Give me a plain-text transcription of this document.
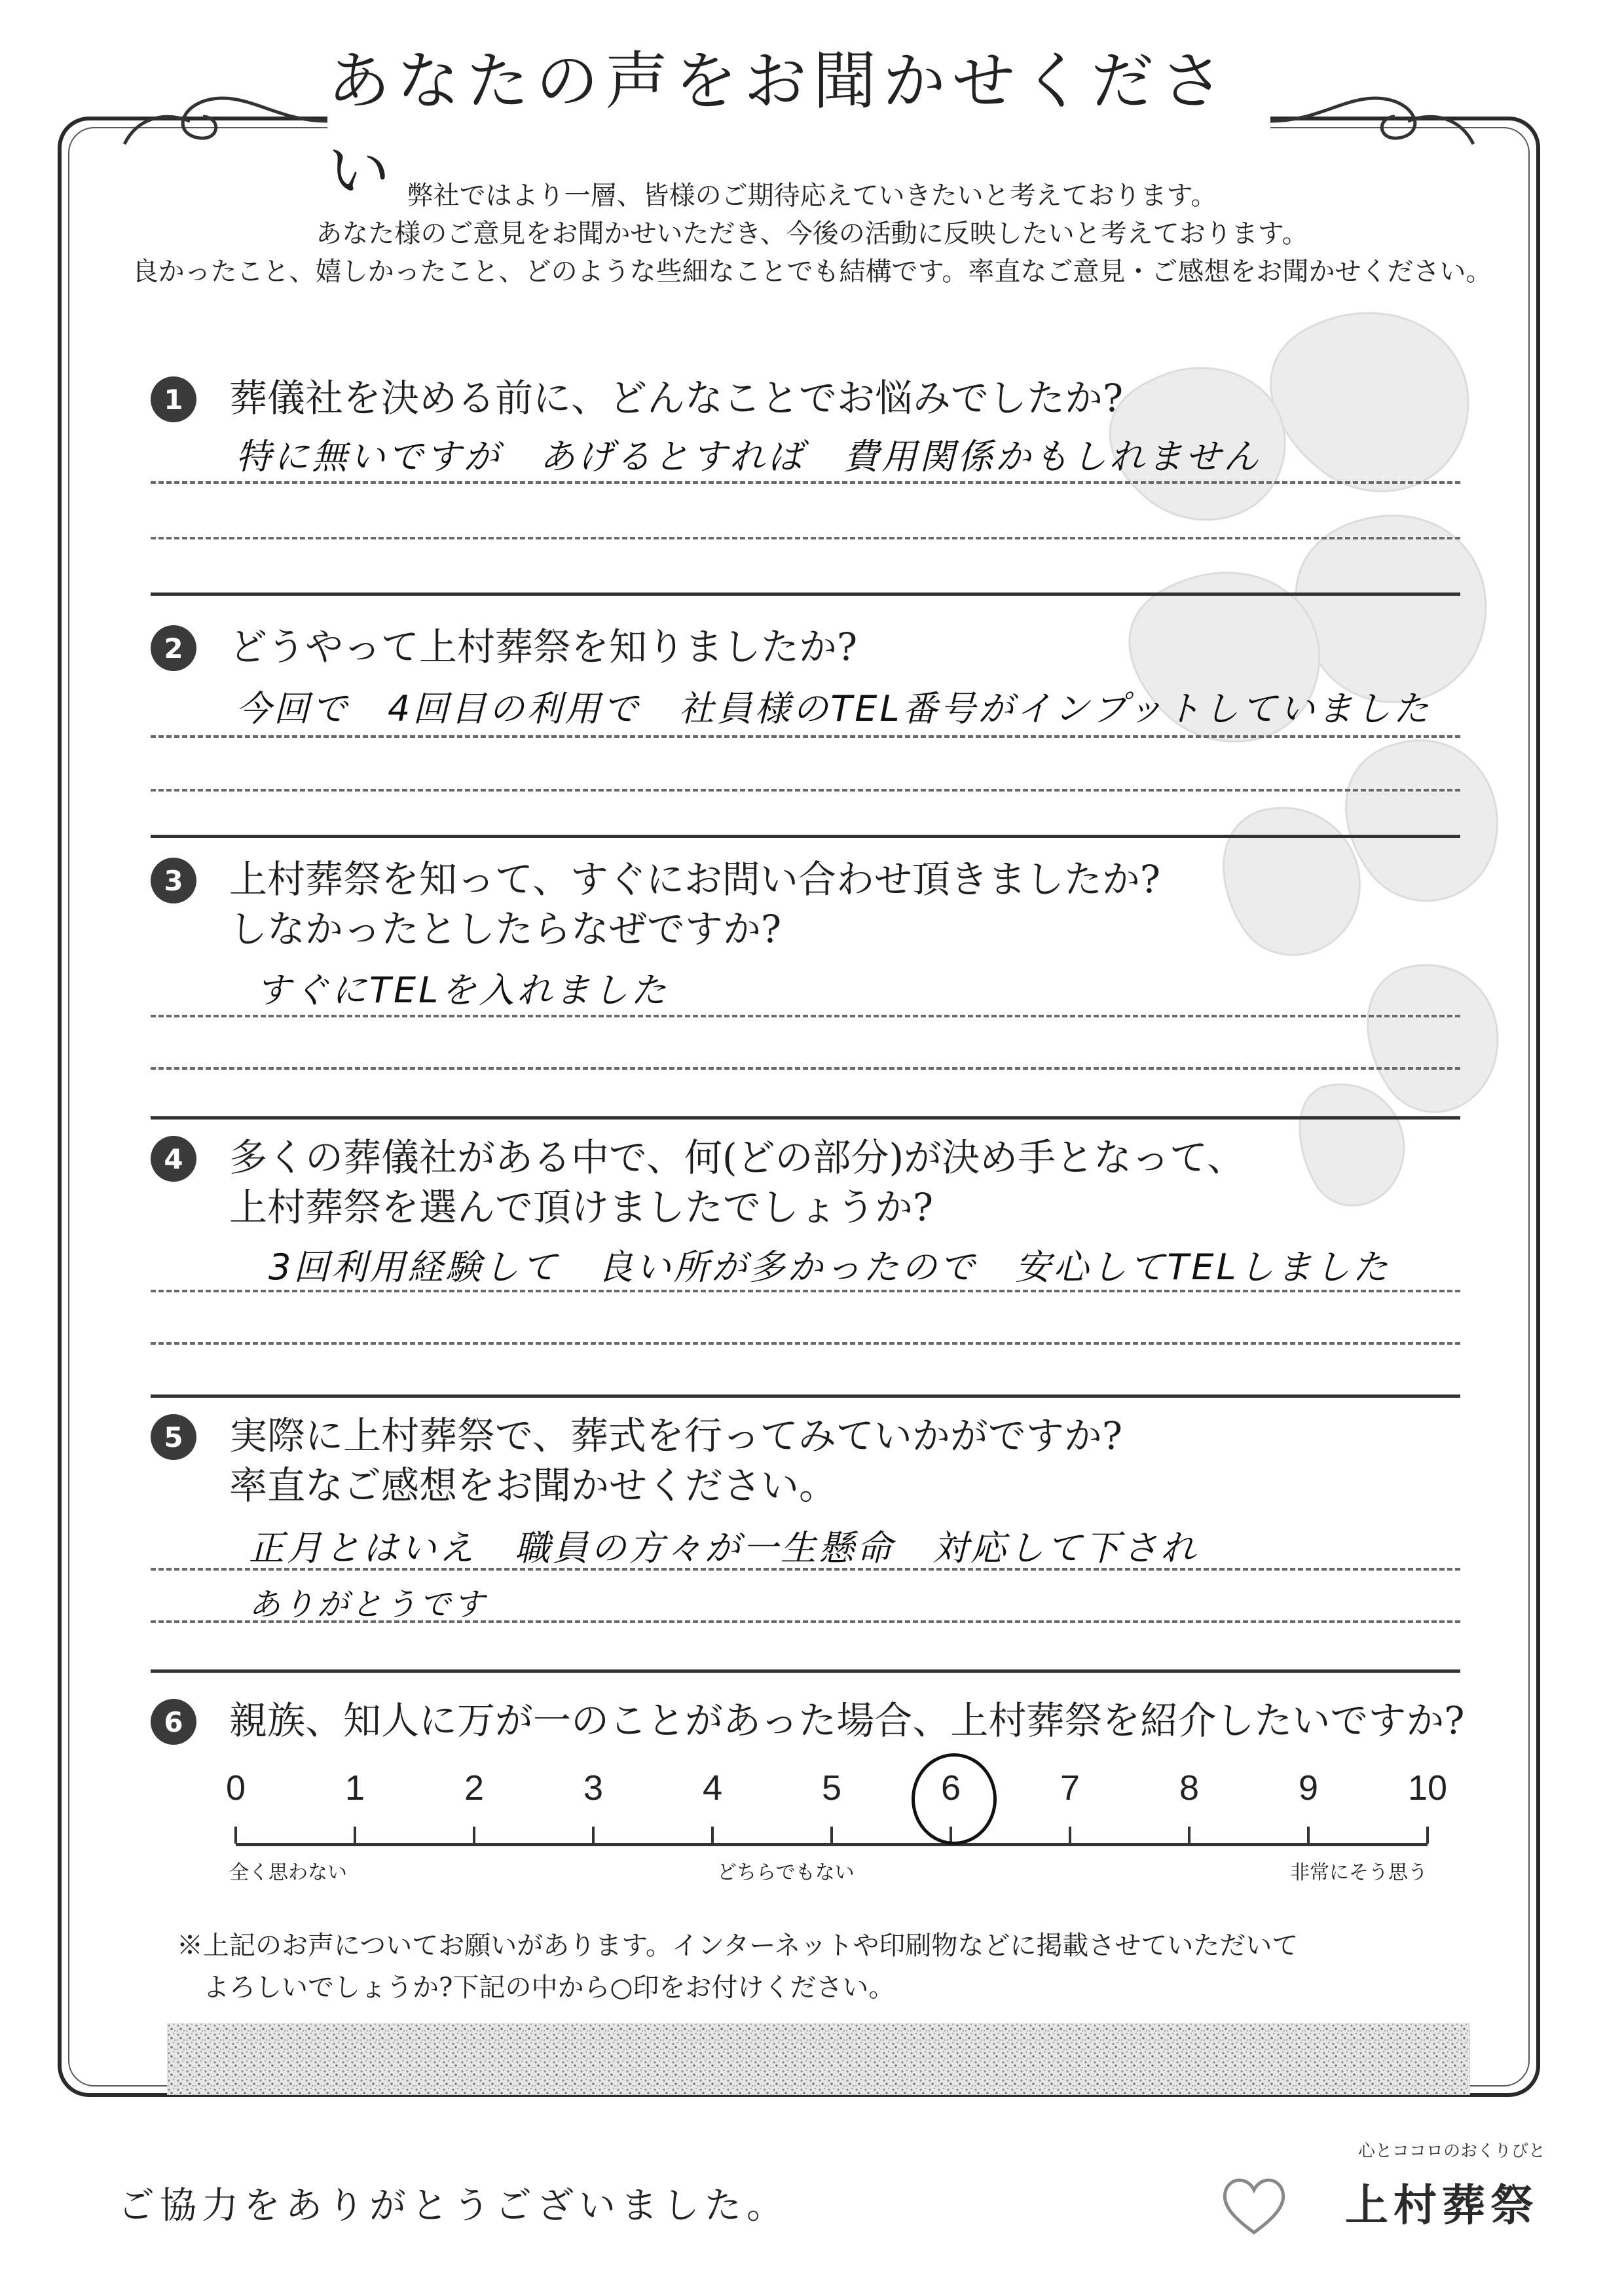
あなたの声をお聞かせください 弊社ではより一層、皆様のご期待応えていきたいと考えております。
あなた様のご意見をお聞かせいただき、今後の活動に反映したいと考えております。
良かったこと、嬉しかったこと、どのような些細なことでも結構です。率直なご意見・ご感想をお聞かせください。
1	葬儀社を決める前に、どんなことでお悩みでしたか?
特に無いですが　あげるとすれば　費用関係かもしれません
2	どうやって上村葬祭を知りましたか?
今回で　4回目の利用で　社員様のTEL番号がインプットしていました
3	上村葬祭を知って、すぐにお問い合わせ頂きましたか?
しなかったとしたらなぜですか?
すぐにTELを入れました
4	多くの葬儀社がある中で、何(どの部分)が決め手となって、
上村葬祭を選んで頂けましたでしょうか?
3回利用経験して　良い所が多かったので　安心してTELしました
5	実際に上村葬祭で、葬式を行ってみていかがですか?
率直なご感想をお聞かせください。
正月とはいえ　職員の方々が一生懸命　対応して下され
ありがとうです
6	親族、知人に万が一のことがあった場合、上村葬祭を紹介したいですか?
0	1	2	3	4	5	6	7	8	9	10
全く思わない	どちらでもない	非常にそう思う
※上記のお声についてお願いがあります。インターネットや印刷物などに掲載させていただいて
よろしいでしょうか?下記の中から○印をお付けください。
ご協力をありがとうございました。
心とココロのおくりびと
上村葬祭
